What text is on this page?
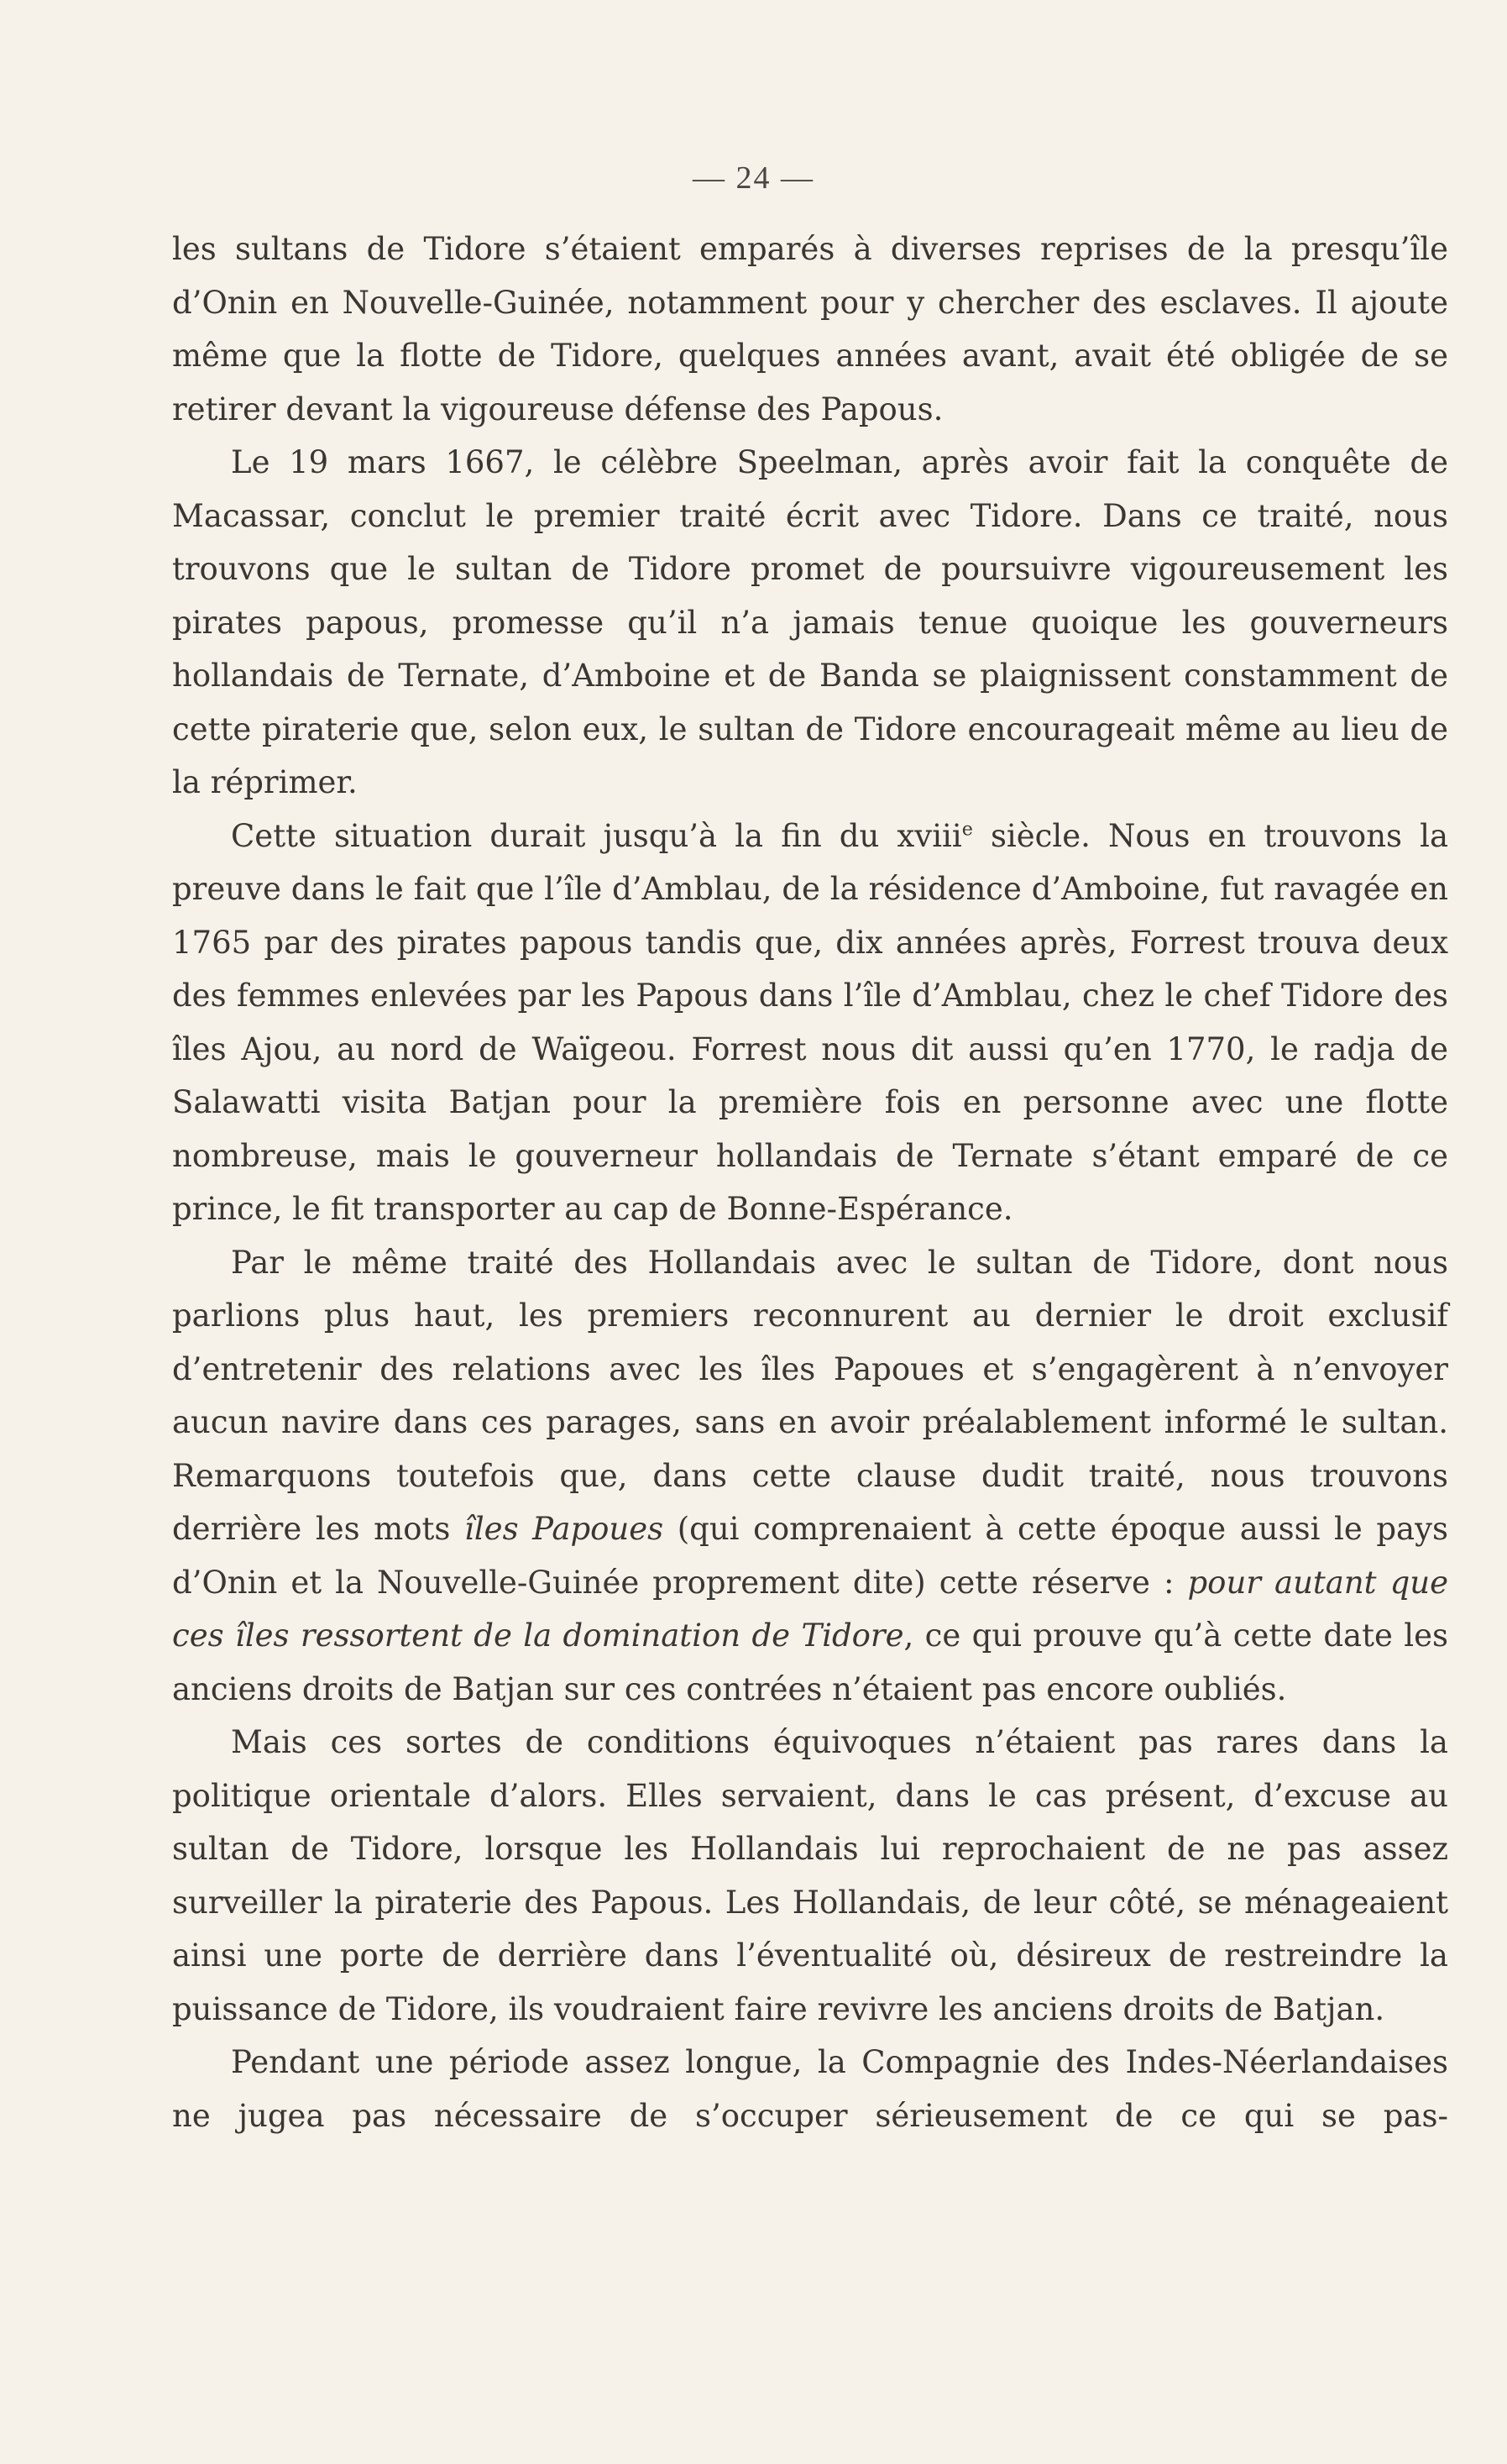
— 24 —

les sultans de Tidore s’étaient emparés à diverses reprises de la presqu’île d’Onin en Nouvelle-Guinée, notamment pour y chercher des esclaves. Il ajoute même que la flotte de Tidore, quelques années avant, avait été obligée de se retirer devant la vigoureuse défense des Papous.

Le 19 mars 1667, le célèbre Speelman, après avoir fait la conquête de Macassar, conclut le premier traité écrit avec Tidore. Dans ce traité, nous trouvons que le sultan de Tidore promet de poursuivre vigoureusement les pirates papous, promesse qu’il n’a jamais tenue quoique les gouverneurs hollandais de Ternate, d’Amboine et de Banda se plaignissent constamment de cette piraterie que, selon eux, le sultan de Tidore encourageait même au lieu de la réprimer.

Cette situation durait jusqu’à la fin du xviii$^e$ siècle. Nous en trouvons la preuve dans le fait que l’île d’Amblau, de la résidence d’Amboine, fut ravagée en 1765 par des pirates papous tandis que, dix années après, Forrest trouva deux des femmes enlevées par les Papous dans l’île d’Amblau, chez le chef Tidore des îles Ajou, au nord de Waïgeou. Forrest nous dit aussi qu’en 1770, le radja de Salawatti visita Batjan pour la première fois en personne avec une flotte nombreuse, mais le gouverneur hollandais de Ternate s’étant emparé de ce prince, le fit transporter au cap de Bonne-Espérance.

Par le même traité des Hollandais avec le sultan de Tidore, dont nous parlions plus haut, les premiers reconnurent au dernier le droit exclusif d’entretenir des relations avec les îles Papoues et s’engagèrent à n’envoyer aucun navire dans ces parages, sans en avoir préalablement informé le sultan. Remarquons toutefois que, dans cette clause dudit traité, nous trouvons derrière les mots îles Papoues (qui comprenaient à cette époque aussi le pays d’Onin et la Nouvelle-Guinée proprement dite) cette réserve : pour autant que ces îles ressortent de la domination de Tidore, ce qui prouve qu’à cette date les anciens droits de Batjan sur ces contrées n’étaient pas encore oubliés.

Mais ces sortes de conditions équivoques n’étaient pas rares dans la politique orientale d’alors. Elles servaient, dans le cas présent, d’excuse au sultan de Tidore, lorsque les Hollandais lui reprochaient de ne pas assez surveiller la piraterie des Papous. Les Hollandais, de leur côté, se ménageaient ainsi une porte de derrière dans l’éventualité où, désireux de restreindre la puissance de Tidore, ils voudraient faire revivre les anciens droits de Batjan.

Pendant une période assez longue, la Compagnie des Indes-Néerlandaises ne jugea pas nécessaire de s’occuper sérieusement de ce qui se pas-
